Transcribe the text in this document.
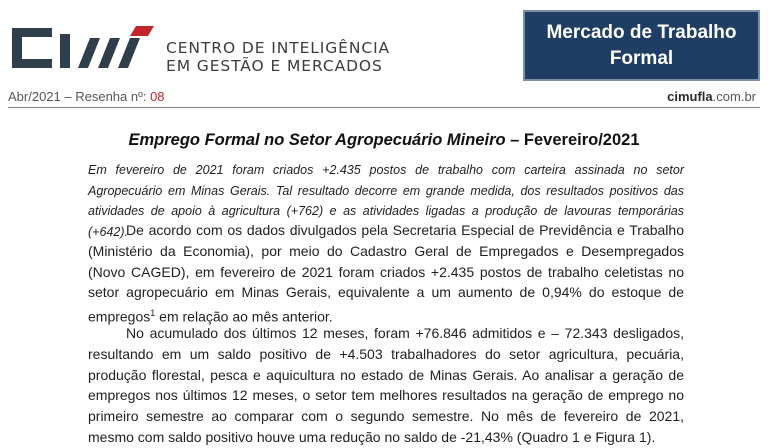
CENTRO DE INTELIGÊNCIA
EM GESTÃO E MERCADOS
Mercado de Trabalho
Formal
Abr/2021 – Resenha nº: 08	cimufla.com.br
Emprego Formal no Setor Agropecuário Mineiro – Fevereiro/2021
Em fevereiro de 2021 foram criados +2.435 postos de trabalho com carteira assinada no setor Agropecuário em Minas Gerais. Tal resultado decorre em grande medida, dos resultados positivos das atividades de apoio à agricultura (+762) e as atividades ligadas a produção de lavouras temporárias (+642).
De acordo com os dados divulgados pela Secretaria Especial de Previdência e Trabalho (Ministério da Economia), por meio do Cadastro Geral de Empregados e Desempregados (Novo CAGED), em fevereiro de 2021 foram criados +2.435 postos de trabalho celetistas no setor agropecuário em Minas Gerais, equivalente a um aumento de 0,94% do estoque de empregos$^1$ em relação ao mês anterior.
No acumulado dos últimos 12 meses, foram +76.846 admitidos e – 72.343 desligados, resultando em um saldo positivo de +4.503 trabalhadores do setor agricultura, pecuária, produção florestal, pesca e aquicultura no estado de Minas Gerais. Ao analisar a geração de empregos nos últimos 12 meses, o setor tem melhores resultados na geração de emprego no primeiro semestre ao comparar com o segundo semestre. No mês de fevereiro de 2021, mesmo com saldo positivo houve uma redução no saldo de -21,43% (Quadro 1 e Figura 1).
